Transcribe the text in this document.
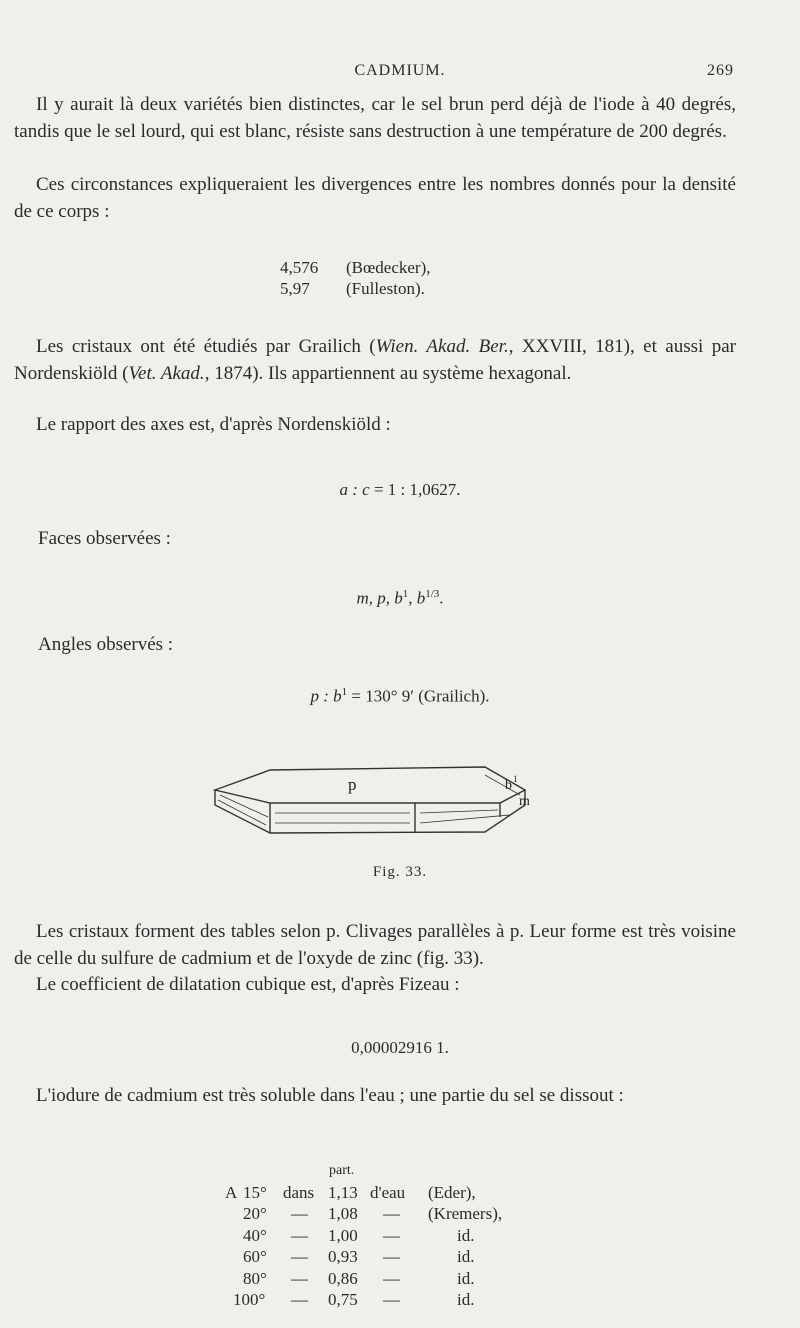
CADMIUM.	269

Il y aurait là deux variétés bien distinctes, car le sel brun perd déjà de l'iode à 40 degrés, tandis que le sel lourd, qui est blanc, résiste sans destruction à une température de 200 degrés.

Ces circonstances expliqueraient les divergences entre les nombres donnés pour la densité de ce corps :

4,576 (Bœdecker),
5,97 (Fulleston).

Les cristaux ont été étudiés par Grailich (Wien. Akad. Ber., XXVIII, 181), et aussi par Nordenskiöld (Vet. Akad., 1874). Ils appartiennent au système hexagonal.

Le rapport des axes est, d'après Nordenskiöld :

a : c = 1 : 1,0627.
Faces observées :
m, p, $b^1$, $b^{1/3}$.
Angles observés :
p : $b^1 = 130^\circ$ 9′ (Grailich).
p	b 1
m
Fig. 33.

Les cristaux forment des tables selon p. Clivages parallèles à p. Leur forme est très voisine de celle du sulfure de cadmium et de l'oxyde de zinc (fig. 33).

Le coefficient de dilatation cubique est, d'après Fizeau :

0,00002916 1.

L'iodure de cadmium est très soluble dans l'eau ; une partie du sel se dissout :

part.
A 15° dans 1,13 d'eau (Eder),
20° — 1,08 — (Kremers),
40° — 1,00 —	id.
60° — 0,93 —	id.
80° — 0,86 —	id.
100° — 0,75 —	id.
